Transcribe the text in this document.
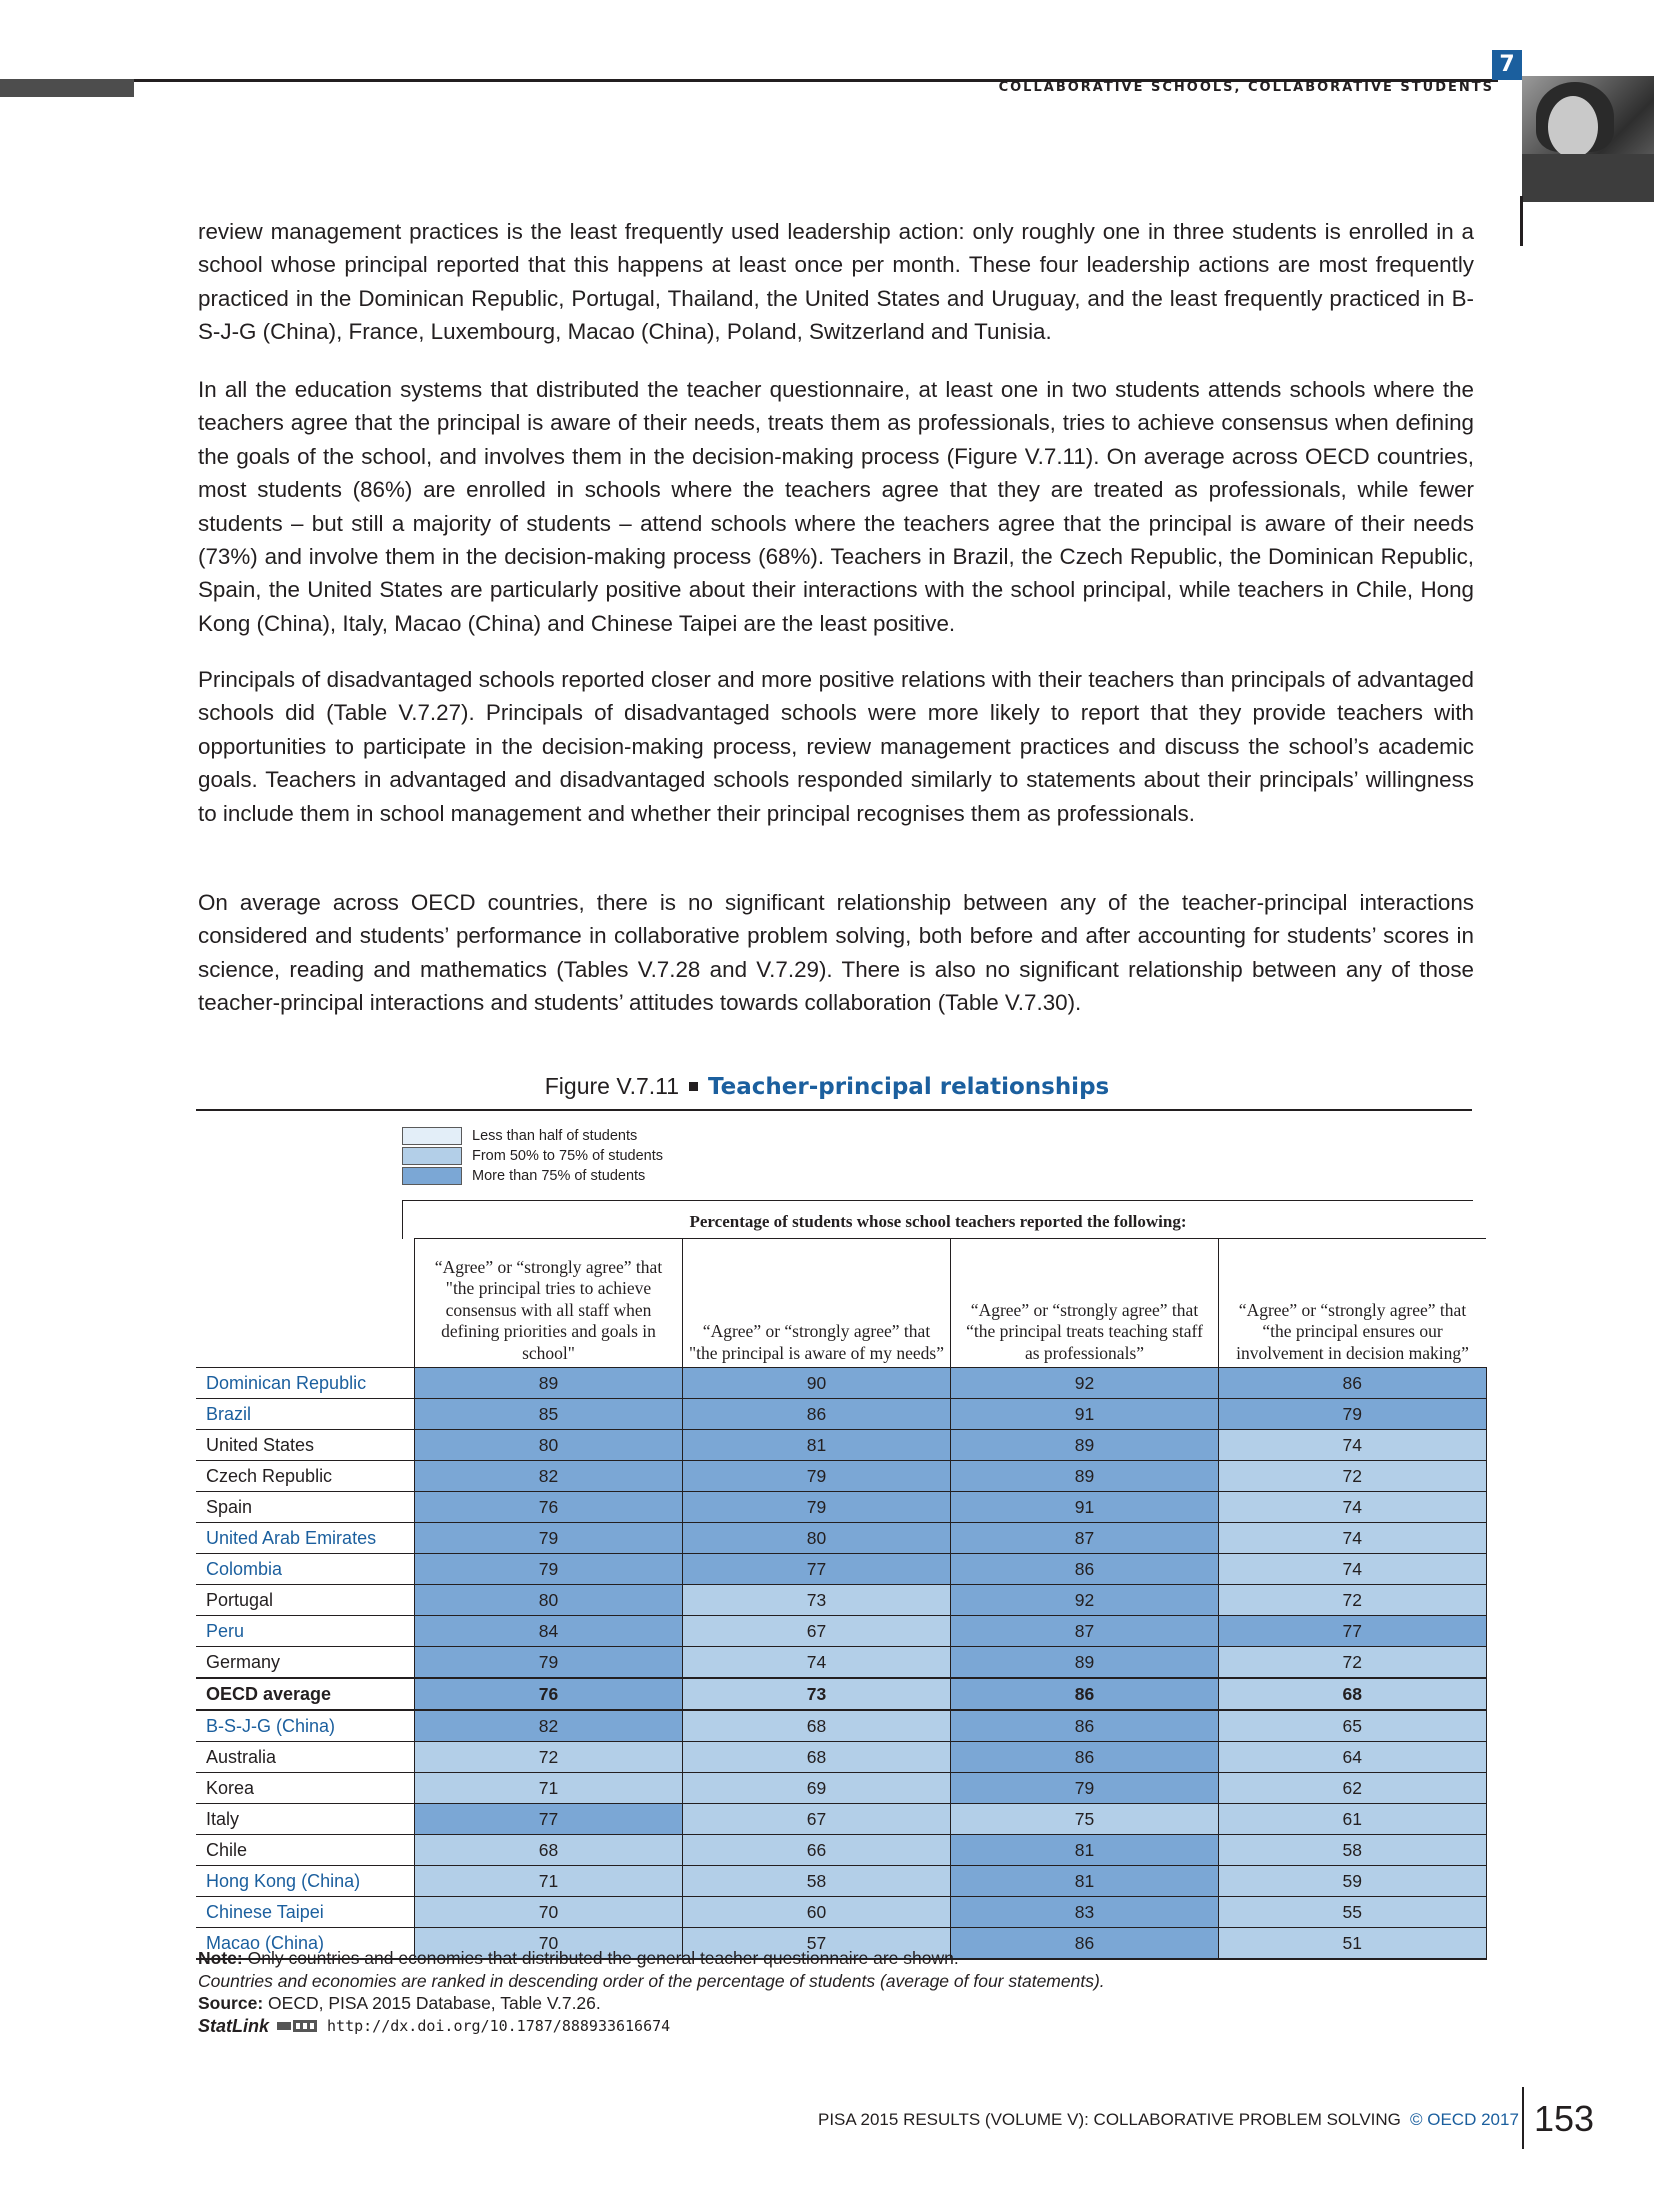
7
COLLABORATIVE SCHOOLS, COLLABORATIVE STUDENTS

review management practices is the least frequently used leadership action: only roughly one in three students is enrolled in a school whose principal reported that this happens at least once per month. These four leadership actions are most frequently practiced in the Dominican Republic, Portugal, Thailand, the United States and Uruguay, and the least frequently practiced in B-S-J-G (China), France, Luxembourg, Macao (China), Poland, Switzerland and Tunisia.

In all the education systems that distributed the teacher questionnaire, at least one in two students attends schools where the teachers agree that the principal is aware of their needs, treats them as professionals, tries to achieve consensus when defining the goals of the school, and involves them in the decision-making process (Figure V.7.11). On average across OECD countries, most students (86%) are enrolled in schools where the teachers agree that they are treated as professionals, while fewer students – but still a majority of students – attend schools where the teachers agree that the principal is aware of their needs (73%) and involve them in the decision-making process (68%). Teachers in Brazil, the Czech Republic, the Dominican Republic, Spain, the United States are particularly positive about their interactions with the school principal, while teachers in Chile, Hong Kong (China), Italy, Macao (China) and Chinese Taipei are the least positive.

Principals of disadvantaged schools reported closer and more positive relations with their teachers than principals of advantaged schools did (Table V.7.27). Principals of disadvantaged schools were more likely to report that they provide teachers with opportunities to participate in the decision-making process, review management practices and discuss the school’s academic goals. Teachers in advantaged and disadvantaged schools responded similarly to statements about their principals’ willingness to include them in school management and whether their principal recognises them as professionals.

On average across OECD countries, there is no significant relationship between any of the teacher-principal interactions considered and students’ performance in collaborative problem solving, both before and after accounting for students’ scores in science, reading and mathematics (Tables V.7.28 and V.7.29). There is also no significant relationship between any of those teacher-principal interactions and students’ attitudes towards collaboration (Table V.7.30).

Figure V.7.11 Teacher-principal relationships
Less than half of students
From 50% to 75% of students
More than 75% of students
Percentage of students whose school teachers reported the following:
	“Agree” or “strongly agree” that "the principal tries to achieve consensus with all staff when defining priorities and goals in school"	“Agree” or “strongly agree” that "the principal is aware of my needs”	“Agree” or “strongly agree” that “the principal treats teaching staff as professionals”	“Agree” or “strongly agree” that “the principal ensures our involvement in decision making”
Dominican Republic	89	90	92	86
Brazil	85	86	91	79
United States	80	81	89	74
Czech Republic	82	79	89	72
Spain	76	79	91	74
United Arab Emirates	79	80	87	74
Colombia	79	77	86	74
Portugal	80	73	92	72
Peru	84	67	87	77
Germany	79	74	89	72
OECD average	76	73	86	68
B-S-J-G (China)	82	68	86	65
Australia	72	68	86	64
Korea	71	69	79	62
Italy	77	67	75	61
Chile	68	66	81	58
Hong Kong (China)	71	58	81	59
Chinese Taipei	70	60	83	55
Macao (China)	70	57	86	51
Note: Only countries and economies that distributed the general teacher questionnaire are shown.
Countries and economies are ranked in descending order of the percentage of students (average of four statements).
Source: OECD, PISA 2015 Database, Table V.7.26.
StatLink	http://dx.doi.org/10.1787/888933616674
PISA 2015 RESULTS (VOLUME V): COLLABORATIVE PROBLEM SOLVING © OECD 2017 153
